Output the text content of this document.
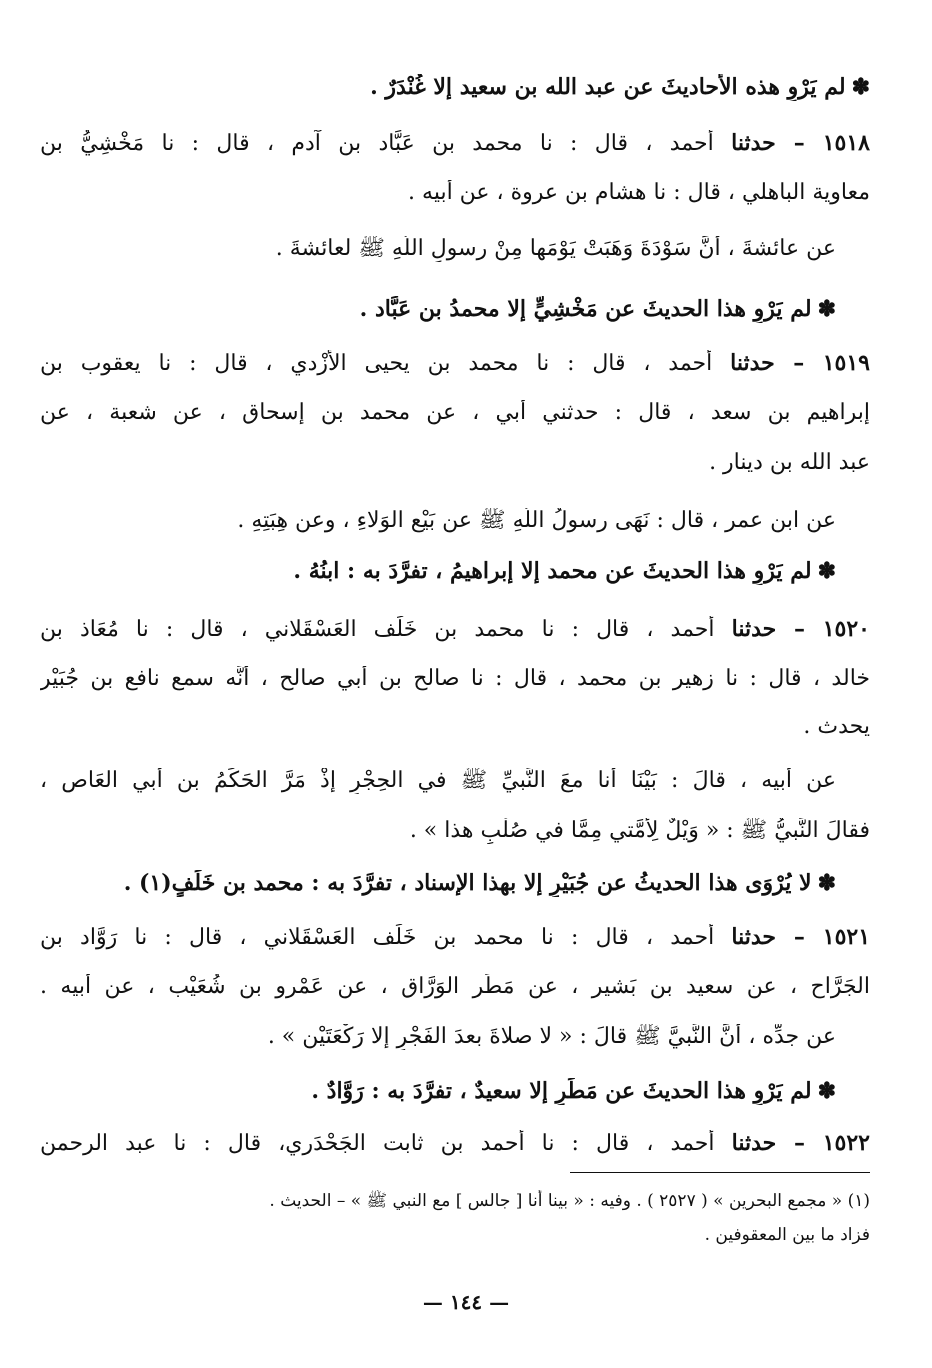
✽لم يَرْوِ هذه الأحاديثَ عن عبد الله بن سعيد إلا غُنْدَرٌ .
١٥١٨ – حدثنا أحمد ، قال : نا محمد بن عَبَّاد بن آدم ، قال : نا مَخْشِيُّ بن
معاوية الباهلي ، قال : نا هشام بن عروة ، عن أبيه .
عن عائشةَ ، أَنَّ سَوْدَةَ وَهَبَتْ يَوْمَها مِنْ رسولِ اللَّهِ ﷺ لعائشةَ .
✽لم يَرْوِ هذا الحديثَ عن مَخْشِيٍّ إلا محمدُ بن عَبَّاد .
١٥١٩ – حدثنا أحمد ، قال : نا محمد بن يحيى الأَزْدي ، قال : نا يعقوب بن
إبراهيم بن سعد ، قال : حدثني أَبي ، عن محمد بن إسحاق ، عن شعبة ، عن
عبد الله بن دينار .
عن ابن عمر ، قال : نَهَى رسولُ اللَّهِ ﷺ عن بَيْعِ الوَلاءِ ، وعن هِبَتِهِ .
✽لم يَرْوِ هذا الحديثَ عن محمد إلا إبراهيمُ ، تفرَّدَ به : ابنُهُ .
١٥٢٠ – حدثنا أحمد ، قال : نا محمد بن خَلَف العَسْقَلاني ، قال : نا مُعَاذ بن
خالد ، قال : نا زهير بن محمد ، قال : نا صالح بن أبي صالح ، أنَّه سمع نافع بن جُبَيْر
يحدث .
عن أبيه ، قالَ : بَيْنَا أنا معَ النَّبيِّ ﷺ في الحِجْرِ إذْ مَرَّ الحَكَمُ بن أبي العَاصِ ،
فقالَ النَّبيُّ ﷺ : « وَيْلٌ لِأُمَّتي مِمَّا في صُلْبِ هذا » .
✽لا يُرْوَى هذا الحديثُ عن جُبَيْرٍ إلا بهذا الإسناد ، تفرَّدَ به : محمد بن خَلَفٍ(١) .
١٥٢١ – حدثنا أحمد ، قال : نا محمد بن خَلَف العَسْقَلاني ، قال : نا رَوَّاد بن
الجَرَّاح ، عن سعيد بن بَشير ، عن مَطَر الوَرَّاق ، عن عَمْرو بن شُعَيْب ، عن أبيه .
عن جدِّه ، أنَّ النَّبيَّ ﷺ قالَ : « لا صلاةَ بعدَ الفَجْرِ إلا رَكْعَتَيْنِ » .
✽لم يَرْوِ هذا الحديثَ عن مَطَرٍ إلا سعيدٌ ، تفرَّدَ به : رَوَّادٌ .
١٥٢٢ – حدثنا أحمد ، قال : نا أحمد بن ثابت الجَحْدَري، قال : نا عبد الرحمن
(١) « مجمع البحرين » ( ٢٥٢٧ ) . وفيه : « بينا أنا [ جالس ] مع النبي ﷺ » – الحديث .
فزاد ما بين المعقوفين .
— ١٤٤ —
